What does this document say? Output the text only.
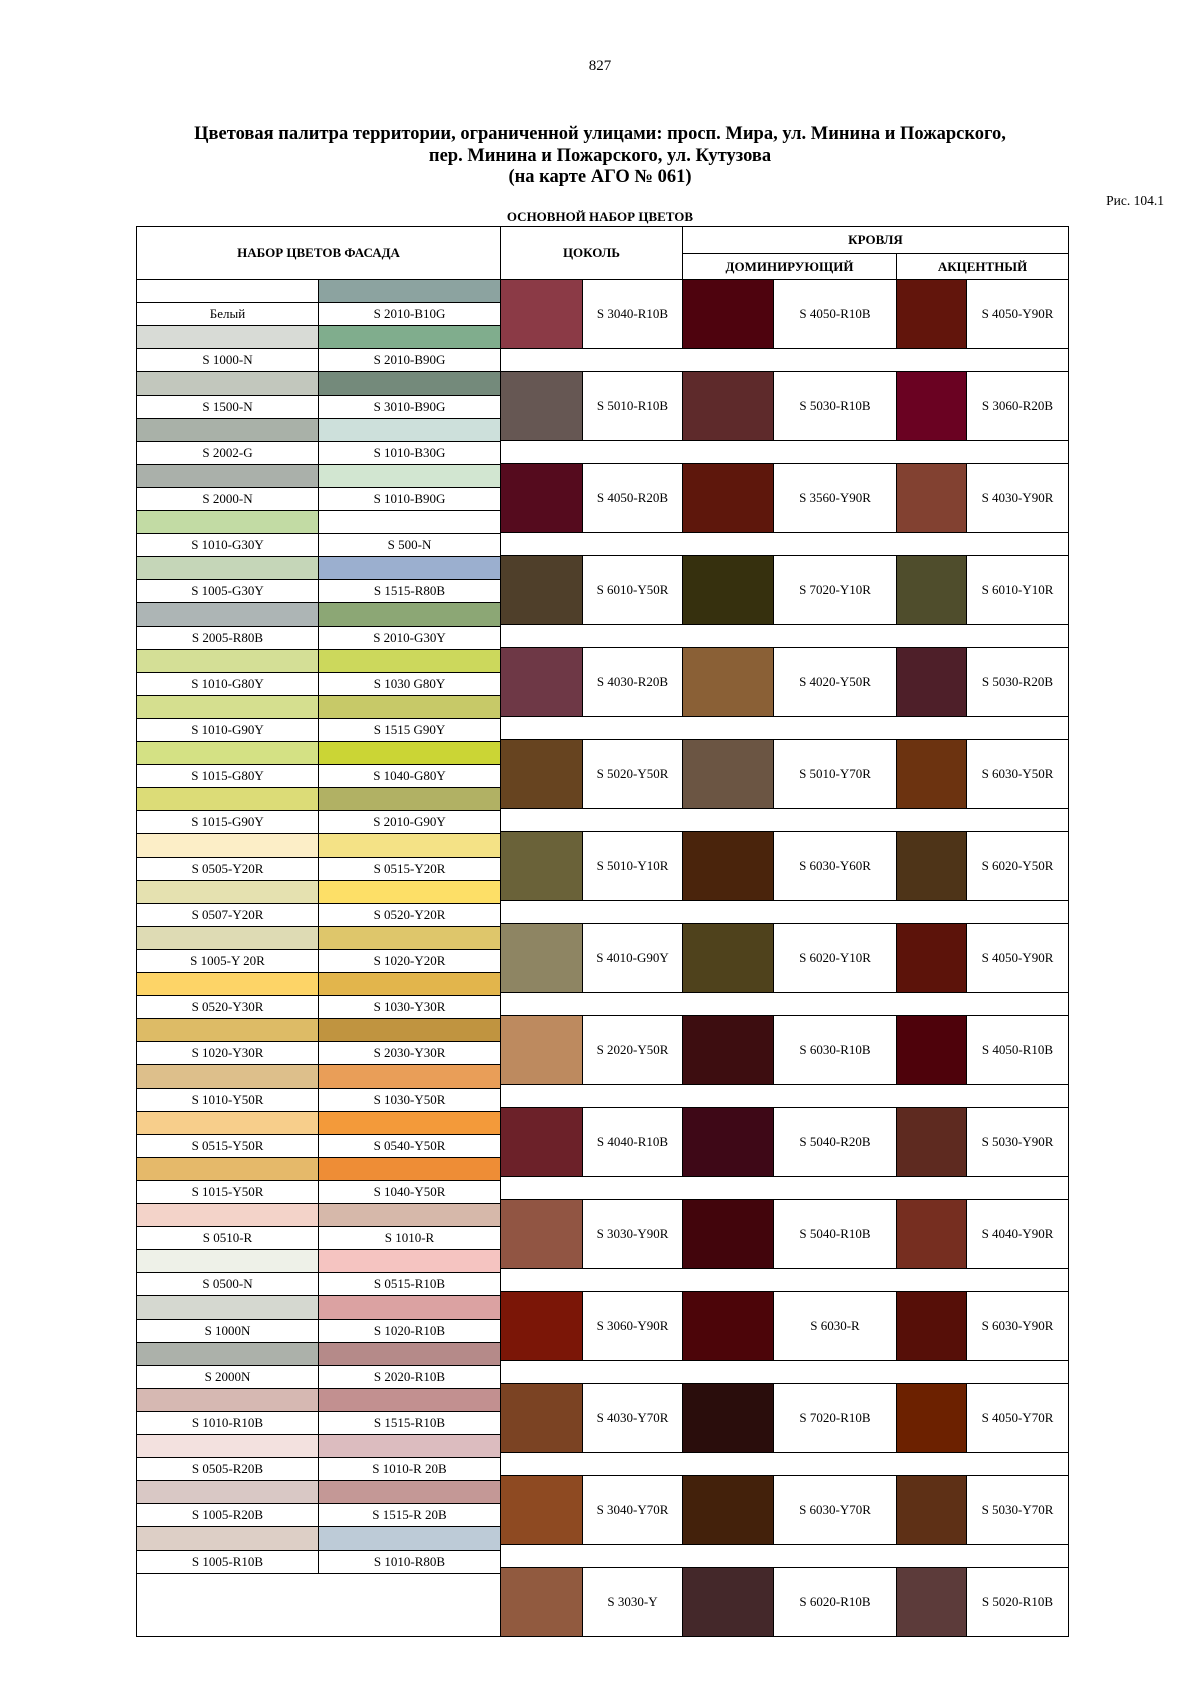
827
Цветовая палитра территории, ограниченной улицами: просп. Мира, ул. Минина и Пожарского,
пер. Минина и Пожарского, ул. Кутузова
(на карте АГО № 061)
Рис. 104.1
ОСНОВНОЙ НАБОР ЦВЕТОВ
НАБОР ЦВЕТОВ ФАСАДА	ЦОКОЛЬ
КРОВЛЯ
ДОМИНИРУЮЩИЙ	АКЦЕНТНЫЙ
Белый	S 2010-B10G
S 1000-N	S 2010-B90G
S 1500-N	S 3010-B90G
S 2002-G	S 1010-B30G
S 2000-N	S 1010-B90G
S 1010-G30Y	S 500-N
S 1005-G30Y	S 1515-R80B
S 2005-R80B	S 2010-G30Y
S 1010-G80Y	S 1030 G80Y
S 1010-G90Y	S 1515 G90Y
S 1015-G80Y	S 1040-G80Y
S 1015-G90Y	S 2010-G90Y
S 0505-Y20R	S 0515-Y20R
S 0507-Y20R	S 0520-Y20R
S 1005-Y 20R	S 1020-Y20R
S 0520-Y30R	S 1030-Y30R
S 1020-Y30R	S 2030-Y30R
S 1010-Y50R	S 1030-Y50R
S 0515-Y50R	S 0540-Y50R
S 1015-Y50R	S 1040-Y50R
S 0510-R	S 1010-R
S 0500-N	S 0515-R10B
S 1000N	S 1020-R10B
S 2000N	S 2020-R10B
S 1010-R10B	S 1515-R10B
S 0505-R20B	S 1010-R 20B
S 1005-R20B	S 1515-R 20B
S 1005-R10B	S 1010-R80B
S 3040-R10B	S 4050-R10B	S 4050-Y90R
S 5010-R10B	S 5030-R10B	S 3060-R20B
S 4050-R20B	S 3560-Y90R	S 4030-Y90R
S 6010-Y50R	S 7020-Y10R	S 6010-Y10R
S 4030-R20B	S 4020-Y50R	S 5030-R20B
S 5020-Y50R	S 5010-Y70R	S 6030-Y50R
S 5010-Y10R	S 6030-Y60R	S 6020-Y50R
S 4010-G90Y	S 6020-Y10R	S 4050-Y90R
S 2020-Y50R	S 6030-R10B	S 4050-R10B
S 4040-R10B	S 5040-R20B	S 5030-Y90R
S 3030-Y90R	S 5040-R10B	S 4040-Y90R
S 3060-Y90R	S 6030-R	S 6030-Y90R
S 4030-Y70R	S 7020-R10B	S 4050-Y70R
S 3040-Y70R	S 6030-Y70R	S 5030-Y70R
S 3030-Y	S 6020-R10B	S 5020-R10B
